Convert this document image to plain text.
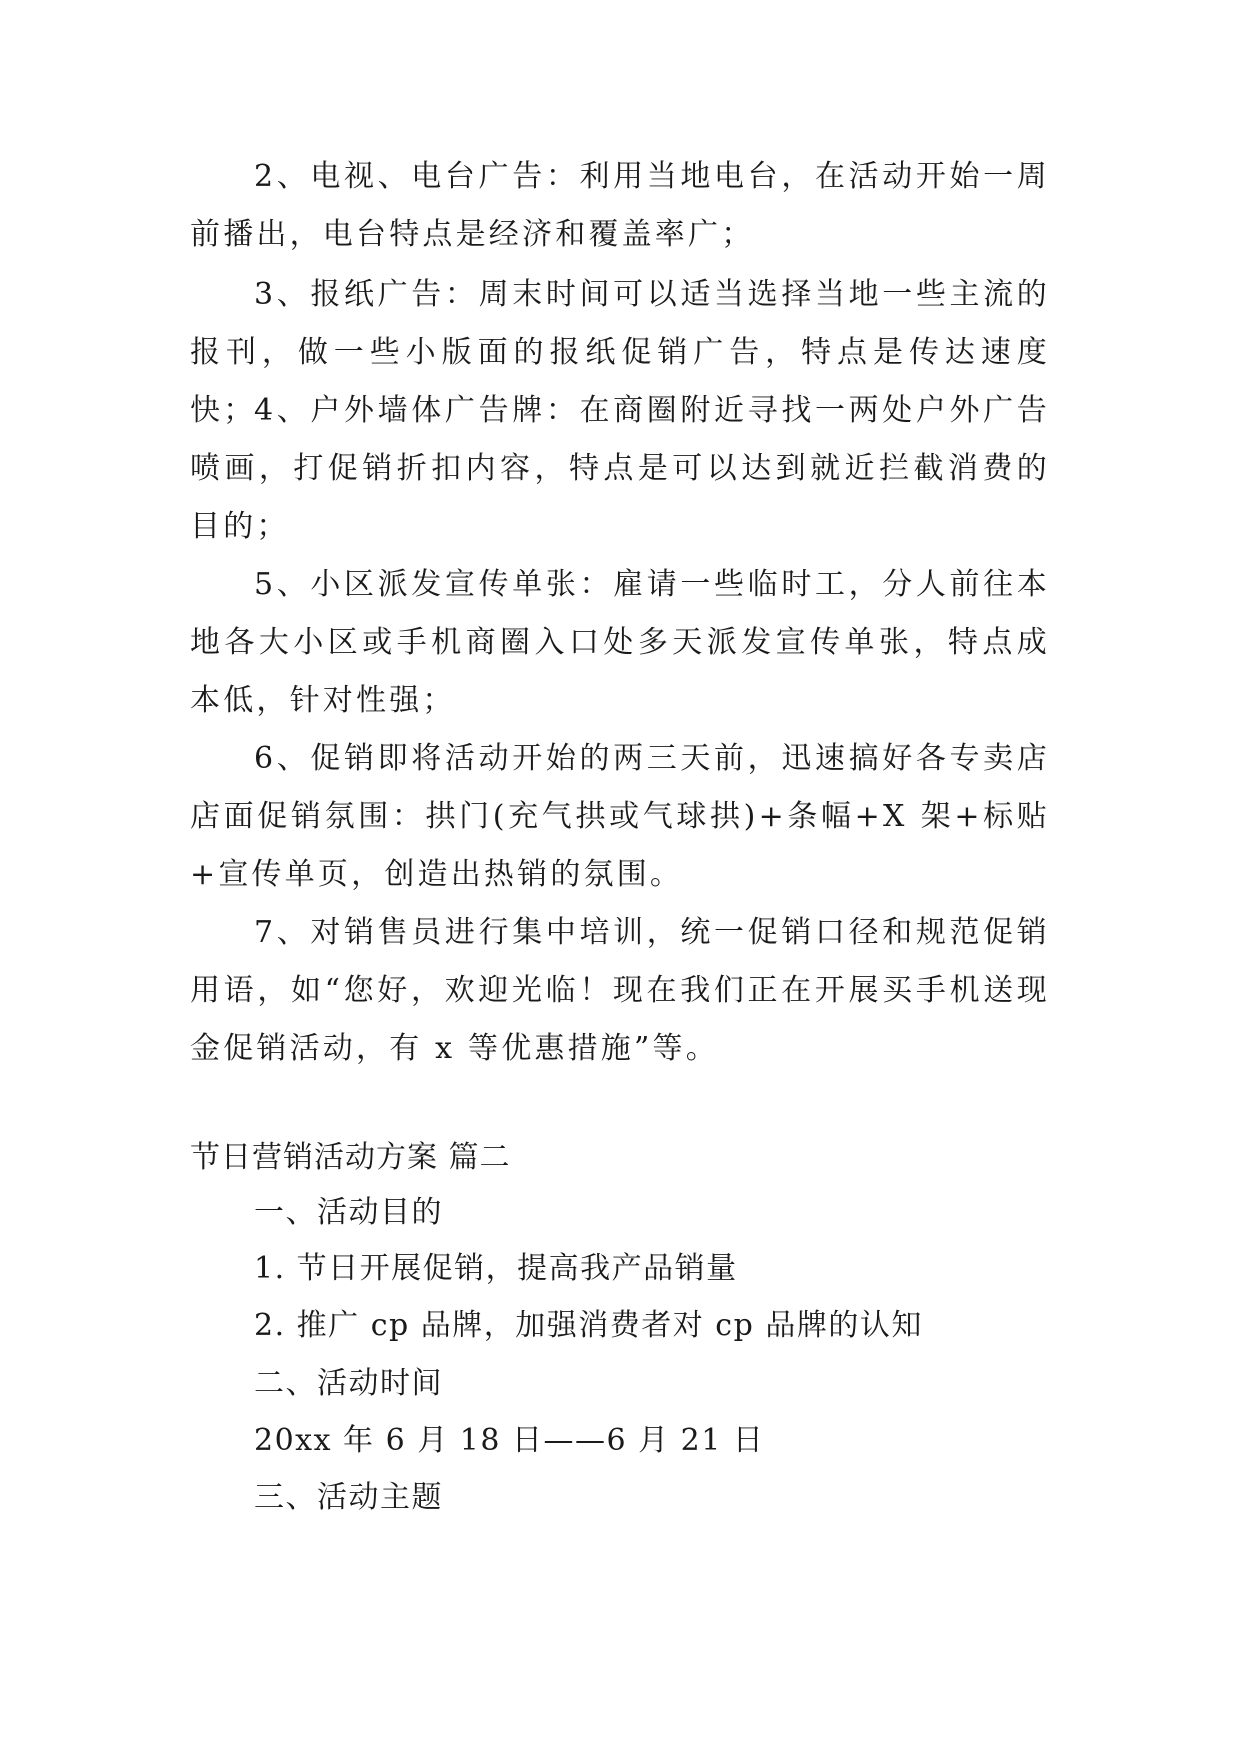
2、电视、电台广告：利用当地电台，在活动开始一周前播出，电台特点是经济和覆盖率广；

3、报纸广告：周末时间可以适当选择当地一些主流的报刊，做一些小版面的报纸促销广告，特点是传达速度快；

4、户外墙体广告牌：在商圈附近寻找一两处户外广告喷画，打促销折扣内容，特点是可以达到就近拦截消费的目的；

5、小区派发宣传单张：雇请一些临时工，分人前往本地各大小区或手机商圈入口处多天派发宣传单张，特点成本低，针对性强；

6、促销即将活动开始的两三天前，迅速搞好各专卖店店面促销氛围：拱门(充气拱或气球拱)+条幅+X 架+标贴+宣传单页，创造出热销的氛围。

7、对销售员进行集中培训，统一促销口径和规范促销用语，如“您好，欢迎光临！现在我们正在开展买手机送现金促销活动，有 x 等优惠措施”等。

节日营销活动方案 篇二

一、活动目的

1. 节日开展促销，提高我产品销量

2. 推广 cp 品牌，加强消费者对 cp 品牌的认知

二、活动时间

20xx 年 6 月 18 日——6 月 21 日

三、活动主题
